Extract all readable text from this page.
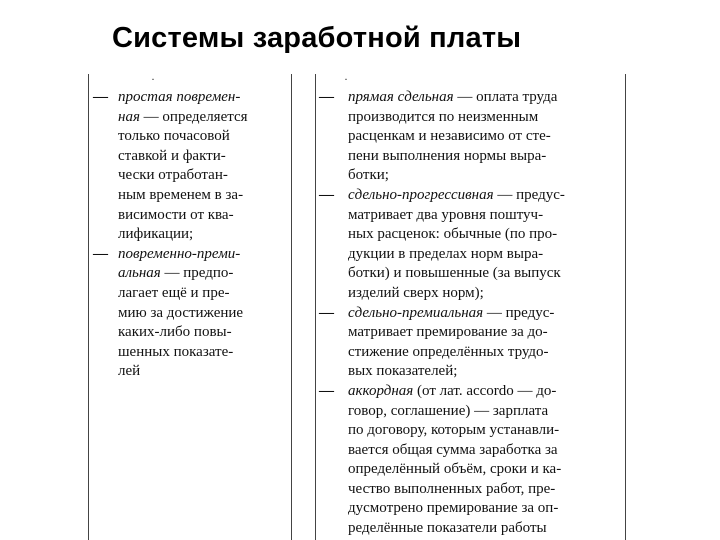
Системы заработной платы
·
— простая повремен-
ная — определяется
только почасовой
ставкой и факти-
чески отработан-
ным временем в за-
висимости от ква-
лификации;
— повременно-преми-
альная — предпо-
лагает ещё и пре-
мию за достижение
каких-либо повы-
шенных показате-
лей
·
— прямая сдельная — оплата труда
производится по неизменным
расценкам и независимо от сте-
пени выполнения нормы выра-
ботки;
— сдельно-прогрессивная — предус-
матривает два уровня поштуч-
ных расценок: обычные (по про-
дукции в пределах норм выра-
ботки) и повышенные (за выпуск
изделий сверх норм);
— сдельно-премиальная — предус-
матривает премирование за до-
стижение определённых трудо-
вых показателей;
— аккордная (от лат. accordo — до-
говор, соглашение) — зарплата
по договору, которым устанавли-
вается общая сумма заработка за
определённый объём, сроки и ка-
чество выполненных работ, пре-
дусмотрено премирование за оп-
ределённые показатели работы
